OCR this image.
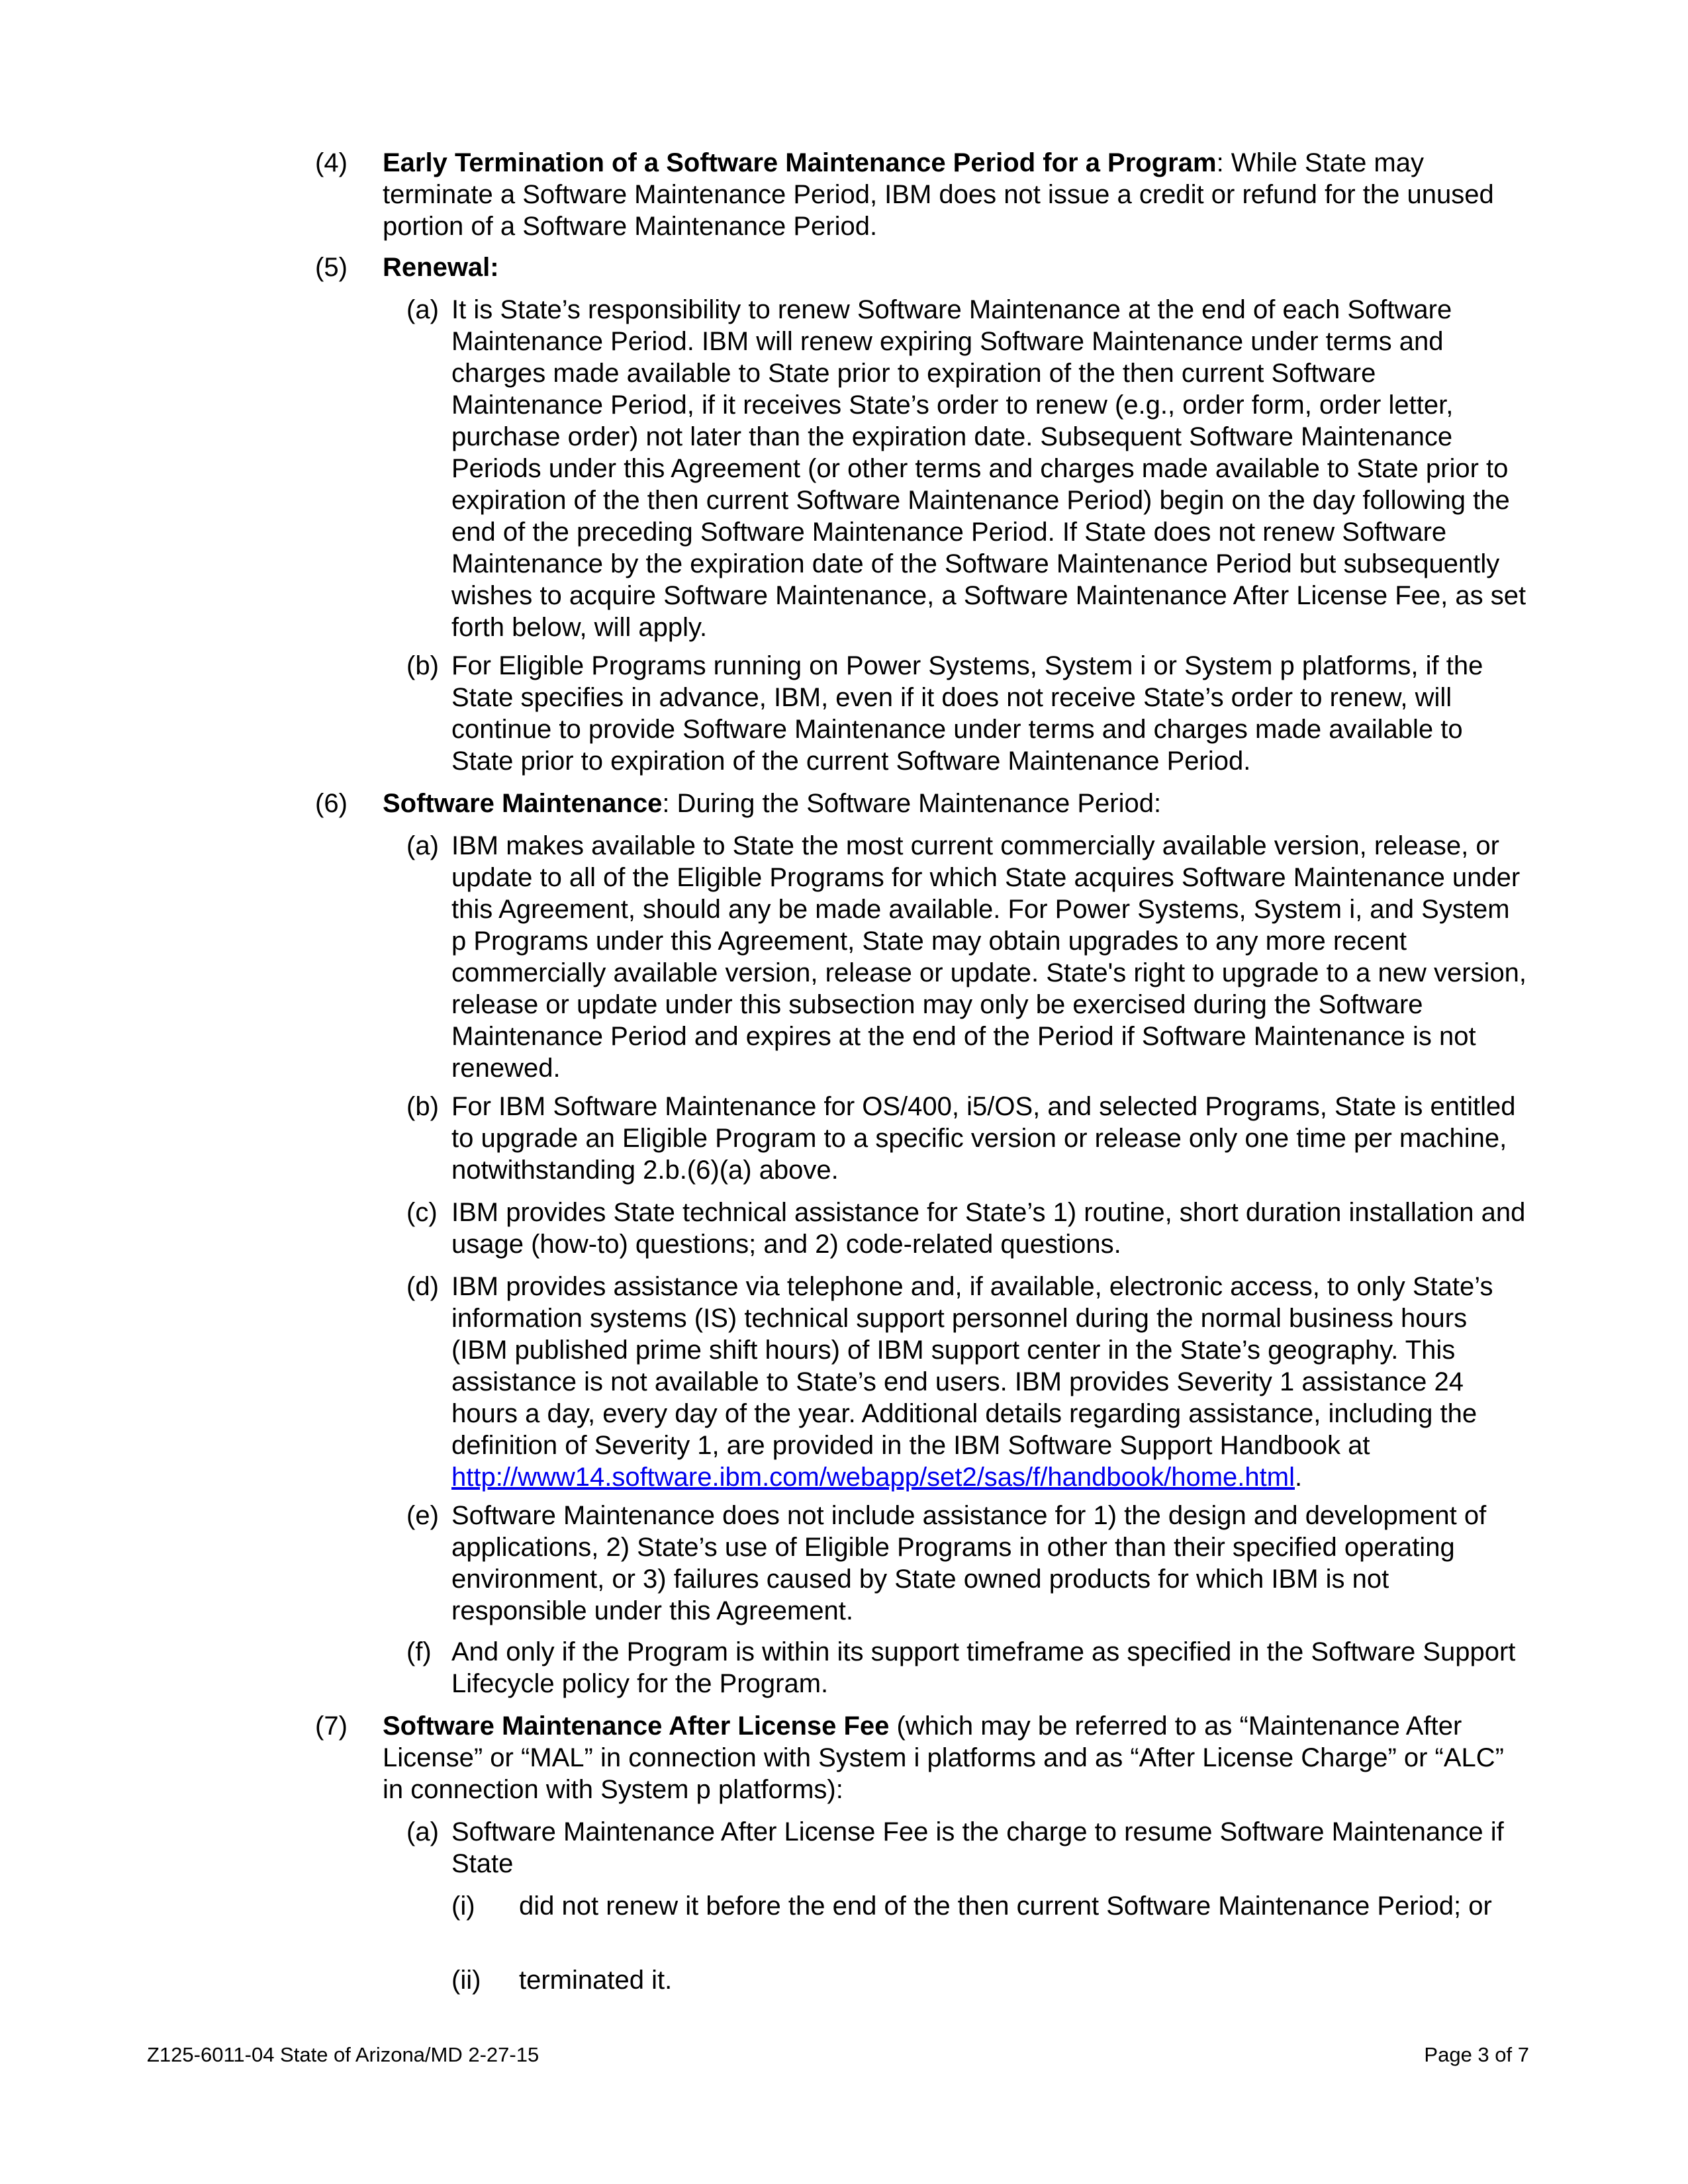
(4) Early Termination of a Software Maintenance Period for a Program: While State may terminate a Software Maintenance Period, IBM does not issue a credit or refund for the unused portion of a Software Maintenance Period.
(5) Renewal:
(a) It is State’s responsibility to renew Software Maintenance at the end of each Software Maintenance Period. IBM will renew expiring Software Maintenance under terms and charges made available to State prior to expiration of the then current Software Maintenance Period, if it receives State’s order to renew (e.g., order form, order letter, purchase order) not later than the expiration date. Subsequent Software Maintenance Periods under this Agreement (or other terms and charges made available to State prior to expiration of the then current Software Maintenance Period) begin on the day following the end of the preceding Software Maintenance Period. If State does not renew Software Maintenance by the expiration date of the Software Maintenance Period but subsequently wishes to acquire Software Maintenance, a Software Maintenance After License Fee, as set forth below, will apply.
(b) For Eligible Programs running on Power Systems, System i or System p platforms, if the State specifies in advance, IBM, even if it does not receive State’s order to renew, will continue to provide Software Maintenance under terms and charges made available to State prior to expiration of the current Software Maintenance Period.
(6) Software Maintenance: During the Software Maintenance Period:
(a) IBM makes available to State the most current commercially available version, release, or update to all of the Eligible Programs for which State acquires Software Maintenance under this Agreement, should any be made available. For Power Systems, System i, and System p Programs under this Agreement, State may obtain upgrades to any more recent commercially available version, release or update. State's right to upgrade to a new version, release or update under this subsection may only be exercised during the Software Maintenance Period and expires at the end of the Period if Software Maintenance is not renewed.
(b) For IBM Software Maintenance for OS/400, i5/OS, and selected Programs, State is entitled to upgrade an Eligible Program to a specific version or release only one time per machine, notwithstanding 2.b.(6)(a) above.
(c) IBM provides State technical assistance for State’s 1) routine, short duration installation and usage (how-to) questions; and 2) code-related questions.
(d) IBM provides assistance via telephone and, if available, electronic access, to only State’s information systems (IS) technical support personnel during the normal business hours (IBM published prime shift hours) of IBM support center in the State’s geography. This assistance is not available to State’s end users. IBM provides Severity 1 assistance 24 hours a day, every day of the year. Additional details regarding assistance, including the definition of Severity 1, are provided in the IBM Software Support Handbook at http://www14.software.ibm.com/webapp/set2/sas/f/handbook/home.html.
(e) Software Maintenance does not include assistance for 1) the design and development of applications, 2) State’s use of Eligible Programs in other than their specified operating environment, or 3) failures caused by State owned products for which IBM is not responsible under this Agreement.
(f) And only if the Program is within its support timeframe as specified in the Software Support Lifecycle policy for the Program.
(7) Software Maintenance After License Fee (which may be referred to as “Maintenance After License” or “MAL” in connection with System i platforms and as “After License Charge” or “ALC” in connection with System p platforms):
(a) Software Maintenance After License Fee is the charge to resume Software Maintenance if State
(i) did not renew it before the end of the then current Software Maintenance Period; or
(ii) terminated it.
Z125-6011-04 State of Arizona/MD 2-27-15	Page 3 of 7
